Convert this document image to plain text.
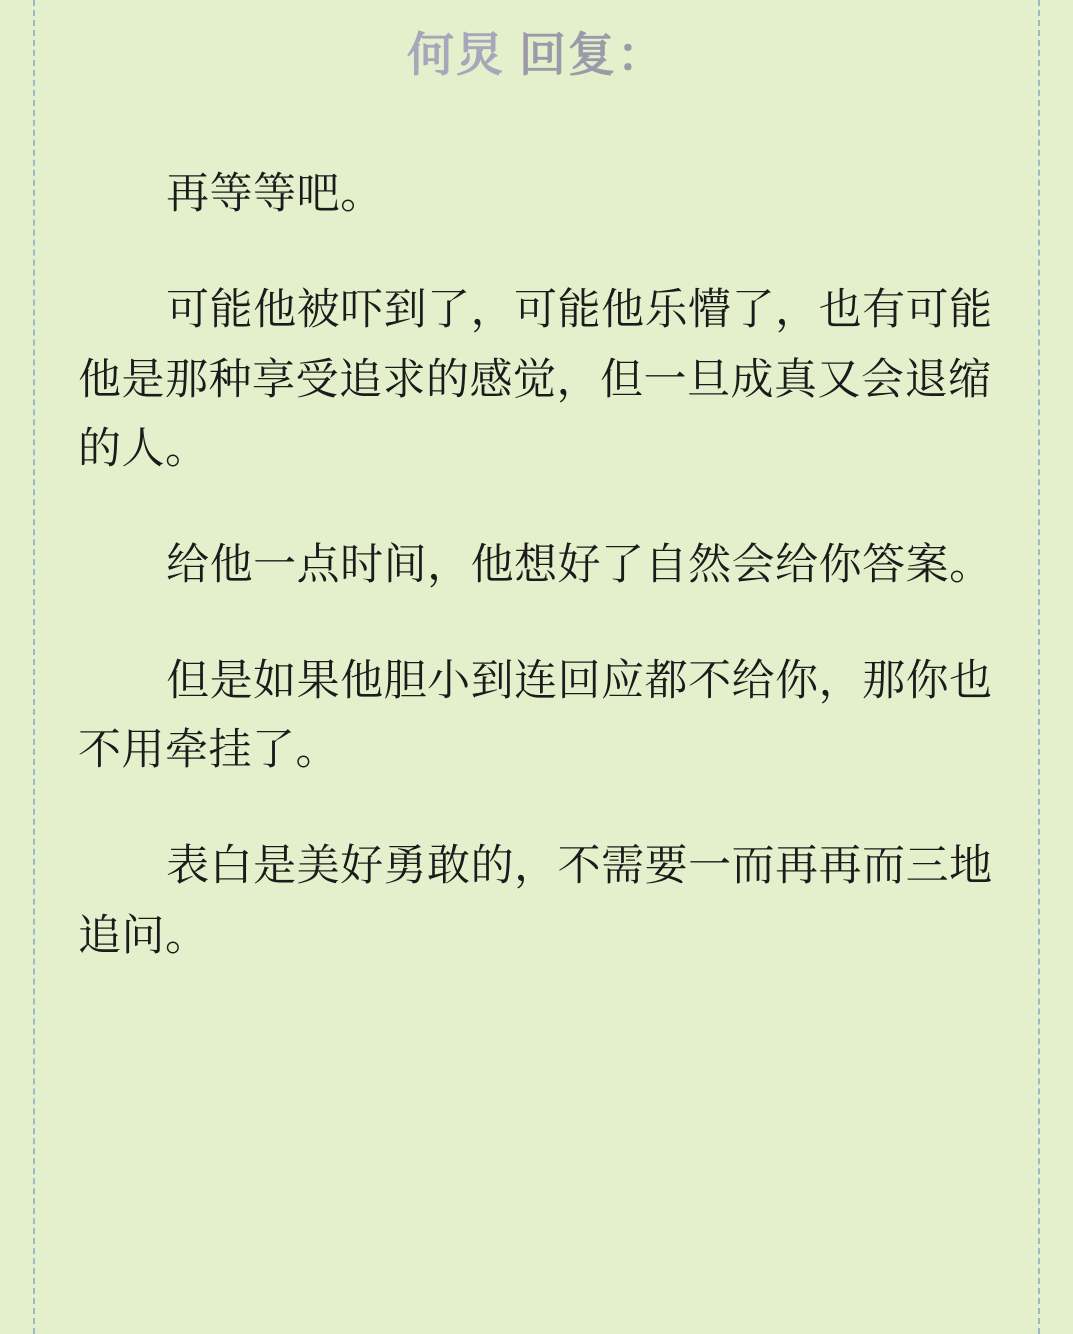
何炅 回复：

再等等吧。

可能他被吓到了，可能他乐懵了，也有可能他是那种享受追求的感觉，但一旦成真又会退缩的人。

给他一点时间，他想好了自然会给你答案。

但是如果他胆小到连回应都不给你，那你也不用牵挂了。

表白是美好勇敢的，不需要一而再再而三地追问。
